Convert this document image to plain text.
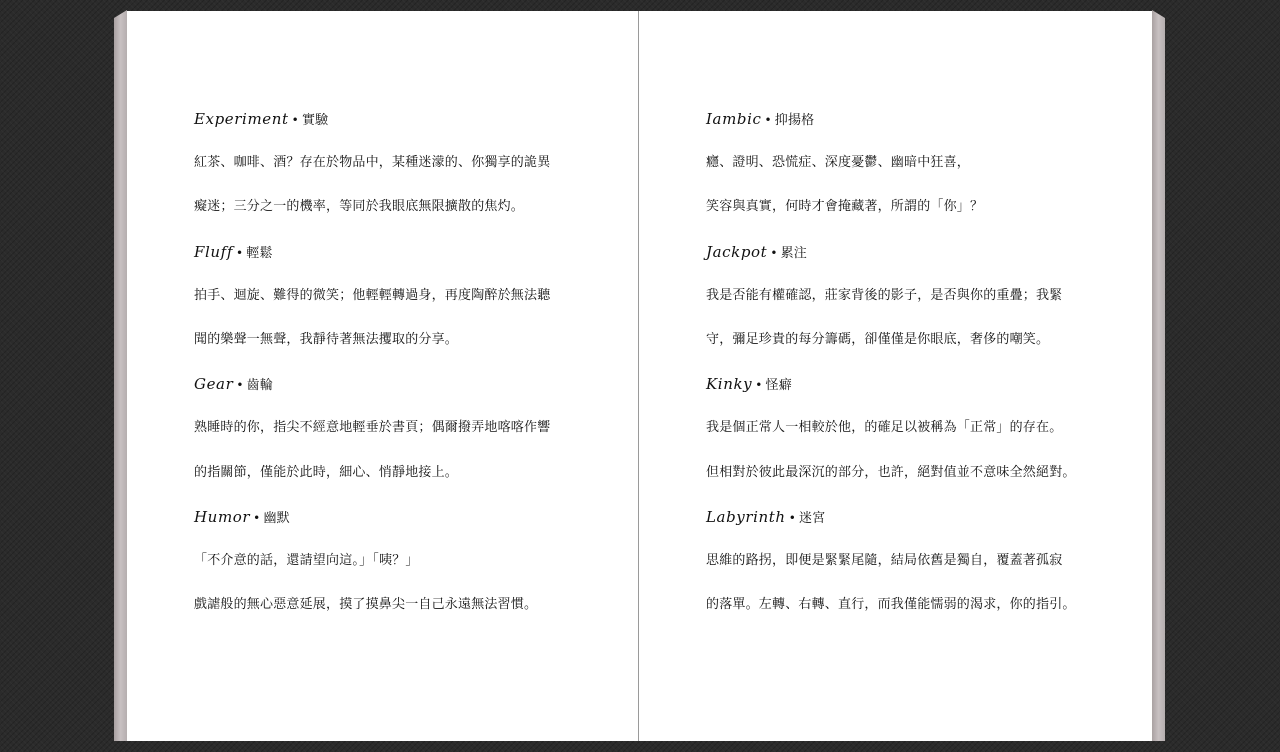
Experiment • 實驗
紅茶、咖啡、酒？存在於物品中，某種迷濛的、你獨享的詭異
癡迷；三分之一的機率，等同於我眼底無限擴散的焦灼。
Fluff • 輕鬆
拍手、迴旋、難得的微笑；他輕輕轉過身，再度陶醉於無法聽
聞的樂聲一無聲，我靜待著無法攫取的分享。
Gear • 齒輪
熟睡時的你，指尖不經意地輕垂於書頁；偶爾撥弄地喀喀作響
的指關節，僅能於此時，細心、悄靜地接上。
Humor • 幽默
「不介意的話，還請望向這。」「咦？」
戲謔般的無心惡意延展，摸了摸鼻尖一自己永遠無法習慣。
Iambic • 抑揚格
癮、證明、恐慌症、深度憂鬱、幽暗中狂喜，
笑容與真實，何時才會掩藏著，所謂的「你」？
Jackpot • 累注
我是否能有權確認，莊家背後的影子，是否與你的重疊；我緊
守，彌足珍貴的每分籌碼，卻僅僅是你眼底，奢侈的嘲笑。
Kinky • 怪癖
我是個正常人一相較於他，的確足以被稱為「正常」的存在。
但相對於彼此最深沉的部分，也許，絕對值並不意味全然絕對。
Labyrinth • 迷宮
思維的路拐，即便是緊緊尾隨，結局依舊是獨自，覆蓋著孤寂
的落單。左轉、右轉、直行，而我僅能懦弱的渴求，你的指引。
